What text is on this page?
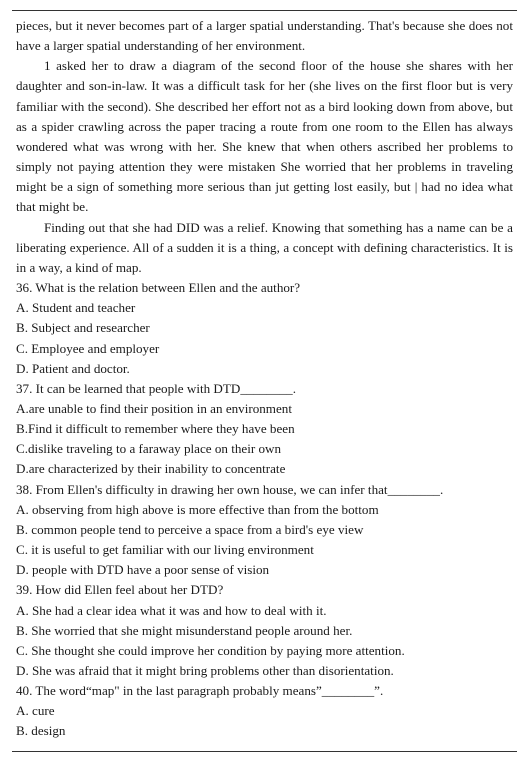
pieces, but it never becomes part of a larger spatial understanding. That's because she does not have a larger spatial understanding of her environment.

1 asked her to draw a diagram of the second floor of the house she shares with her daughter and son-in-law. It was a difficult task for her (she lives on the first floor but is very familiar with the second). She described her effort not as a bird looking down from above, but as a spider crawling across the paper tracing a route from one room to the Ellen has always wondered what was wrong with her. She knew that when others ascribed her problems to simply not paying attention they were mistaken She worried that her problems in traveling might be a sign of something more serious than jut getting lost easily, but | had no idea what that might be.

Finding out that she had DID was a relief. Knowing that something has a name can be a liberating experience. All of a sudden it is a thing, a concept with defining characteristics. It is in a way, a kind of map.

36. What is the relation between Ellen and the author?
A. Student and teacher
B. Subject and researcher
C. Employee and employer
D. Patient and doctor.
37. It can be learned that people with DTD________.
A.are unable to find their position in an environment
B.Find it difficult to remember where they have been
C.dislike traveling to a faraway place on their own
D.are characterized by their inability to concentrate
38. From Ellen's difficulty in drawing her own house, we can infer that________.
A. observing from high above is more effective than from the bottom
B. common people tend to perceive a space from a bird's eye view
C. it is useful to get familiar with our living environment
D. people with DTD have a poor sense of vision
39. How did Ellen feel about her DTD?
A. She had a clear idea what it was and how to deal with it.
B. She worried that she might misunderstand people around her.
C. She thought she could improve her condition by paying more attention.
D. She was afraid that it might bring problems other than disorientation.
40. The word“map" in the last paragraph probably means”________”.
A. cure
B. design
